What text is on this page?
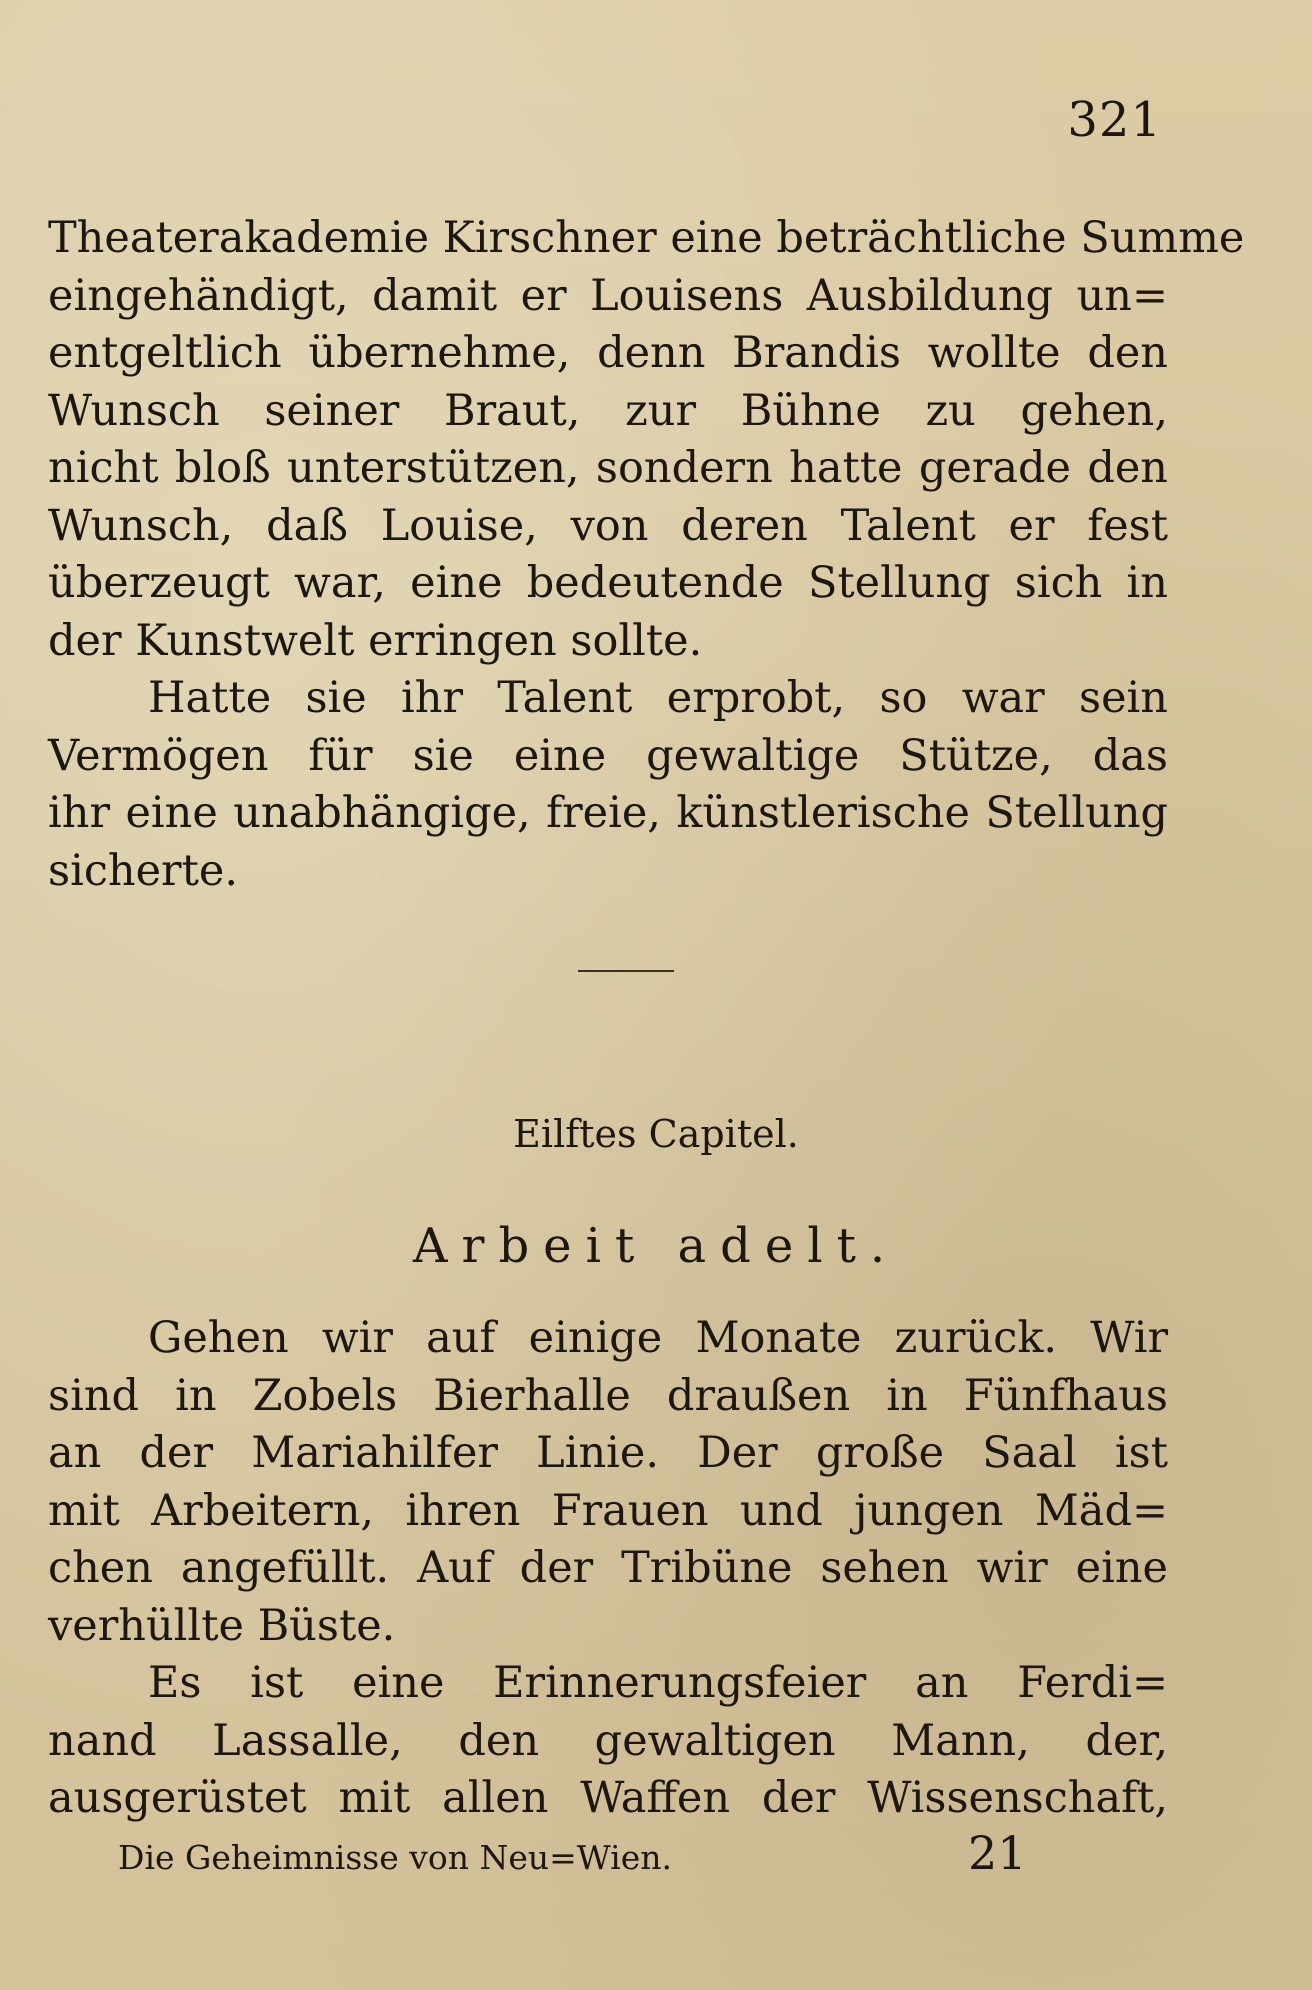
321
Theaterakademie Kirschner eine beträchtliche Summe
eingehändigt, damit er Louisens Ausbildung un=
entgeltlich übernehme, denn Brandis wollte den
Wunsch seiner Braut, zur Bühne zu gehen,
nicht bloß unterstützen, sondern hatte gerade den
Wunsch, daß Louise, von deren Talent er fest
überzeugt war, eine bedeutende Stellung sich in
der Kunstwelt erringen sollte.
Hatte sie ihr Talent erprobt, so war sein
Vermögen für sie eine gewaltige Stütze, das
ihr eine unabhängige, freie, künstlerische Stellung
sicherte.
Eilftes Capitel.
Arbeit adelt.
Gehen wir auf einige Monate zurück. Wir
sind in Zobels Bierhalle draußen in Fünfhaus
an der Mariahilfer Linie. Der große Saal ist
mit Arbeitern, ihren Frauen und jungen Mäd=
chen angefüllt. Auf der Tribüne sehen wir eine
verhüllte Büste.
Es ist eine Erinnerungsfeier an Ferdi=
nand Lassalle, den gewaltigen Mann, der,
ausgerüstet mit allen Waffen der Wissenschaft,
Die Geheimnisse von Neu=Wien.	21
